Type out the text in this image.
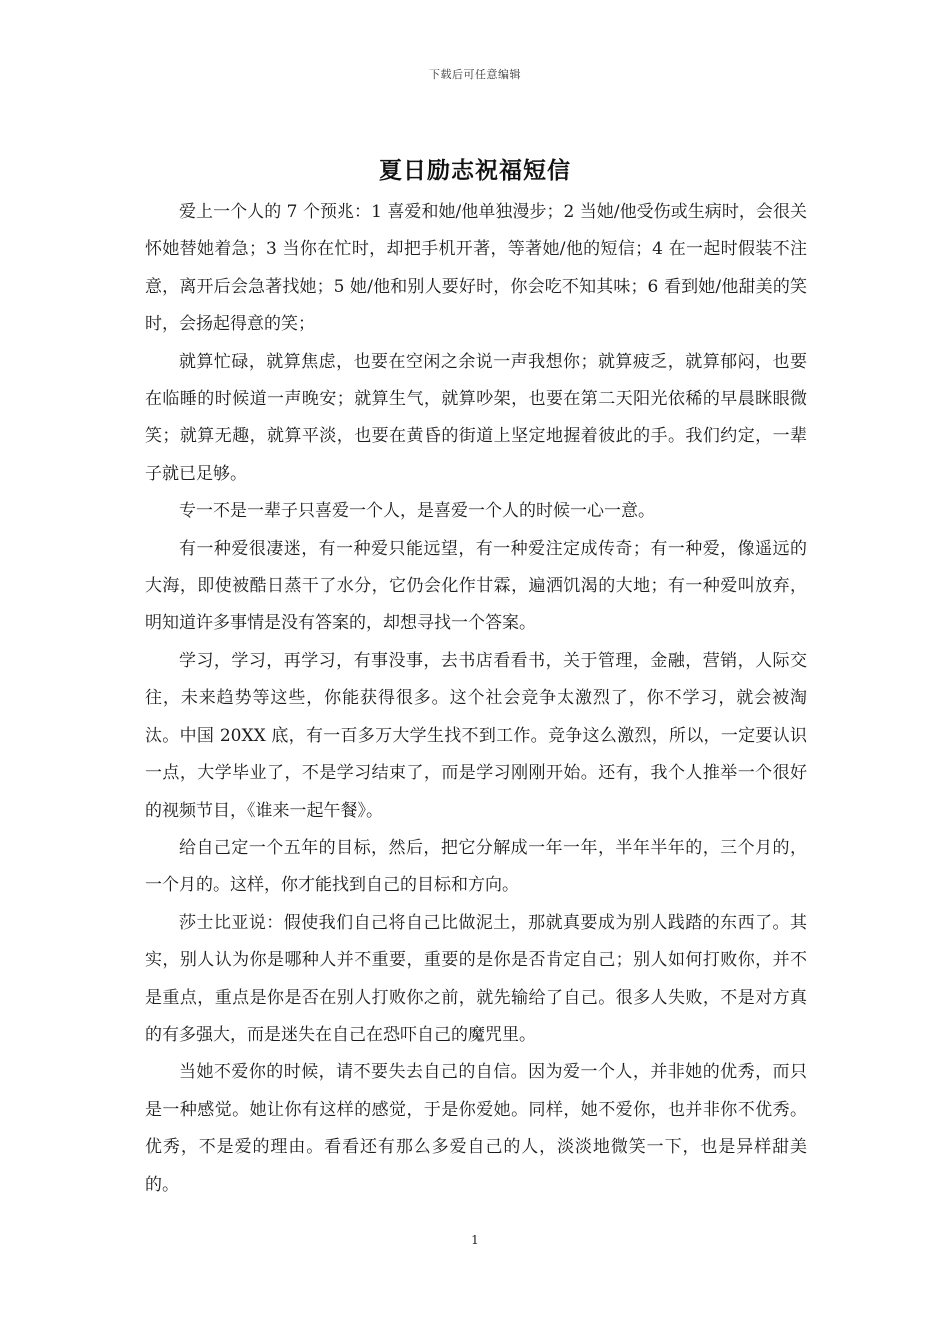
下载后可任意编辑
夏日励志祝福短信

爱上一个人的 7 个预兆：1 喜爱和她/他单独漫步；2 当她/他受伤或生病时，会很关怀她替她着急；3 当你在忙时，却把手机开著，等著她/他的短信；4 在一起时假装不注意，离开后会急著找她；5 她/他和别人要好时，你会吃不知其味；6 看到她/他甜美的笑时，会扬起得意的笑；

就算忙碌，就算焦虑，也要在空闲之余说一声我想你；就算疲乏，就算郁闷，也要在临睡的时候道一声晚安；就算生气，就算吵架，也要在第二天阳光依稀的早晨眯眼微笑；就算无趣，就算平淡，也要在黄昏的街道上坚定地握着彼此的手。我们约定，一辈子就已足够。

专一不是一辈子只喜爱一个人，是喜爱一个人的时候一心一意。

有一种爱很凄迷，有一种爱只能远望，有一种爱注定成传奇；有一种爱，像遥远的大海，即使被酷日蒸干了水分，它仍会化作甘霖，遍洒饥渴的大地；有一种爱叫放弃，明知道许多事情是没有答案的，却想寻找一个答案。

学习，学习，再学习，有事没事，去书店看看书，关于管理，金融，营销，人际交往，未来趋势等这些，你能获得很多。这个社会竞争太激烈了，你不学习，就会被淘汰。中国 20XX 底，有一百多万大学生找不到工作。竞争这么激烈，所以，一定要认识一点，大学毕业了，不是学习结束了，而是学习刚刚开始。还有，我个人推举一个很好的视频节目，《谁来一起午餐》。

给自己定一个五年的目标，然后，把它分解成一年一年，半年半年的，三个月的，一个月的。这样，你才能找到自己的目标和方向。

莎士比亚说：假使我们自己将自己比做泥土，那就真要成为别人践踏的东西了。其实，别人认为你是哪种人并不重要，重要的是你是否肯定自己；别人如何打败你，并不是重点，重点是你是否在别人打败你之前，就先输给了自己。很多人失败，不是对方真的有多强大，而是迷失在自己在恐吓自己的魔咒里。

当她不爱你的时候，请不要失去自己的自信。因为爱一个人，并非她的优秀，而只是一种感觉。她让你有这样的感觉，于是你爱她。同样，她不爱你，也并非你不优秀。优秀，不是爱的理由。看看还有那么多爱自己的人，淡淡地微笑一下，也是异样甜美的。

1
